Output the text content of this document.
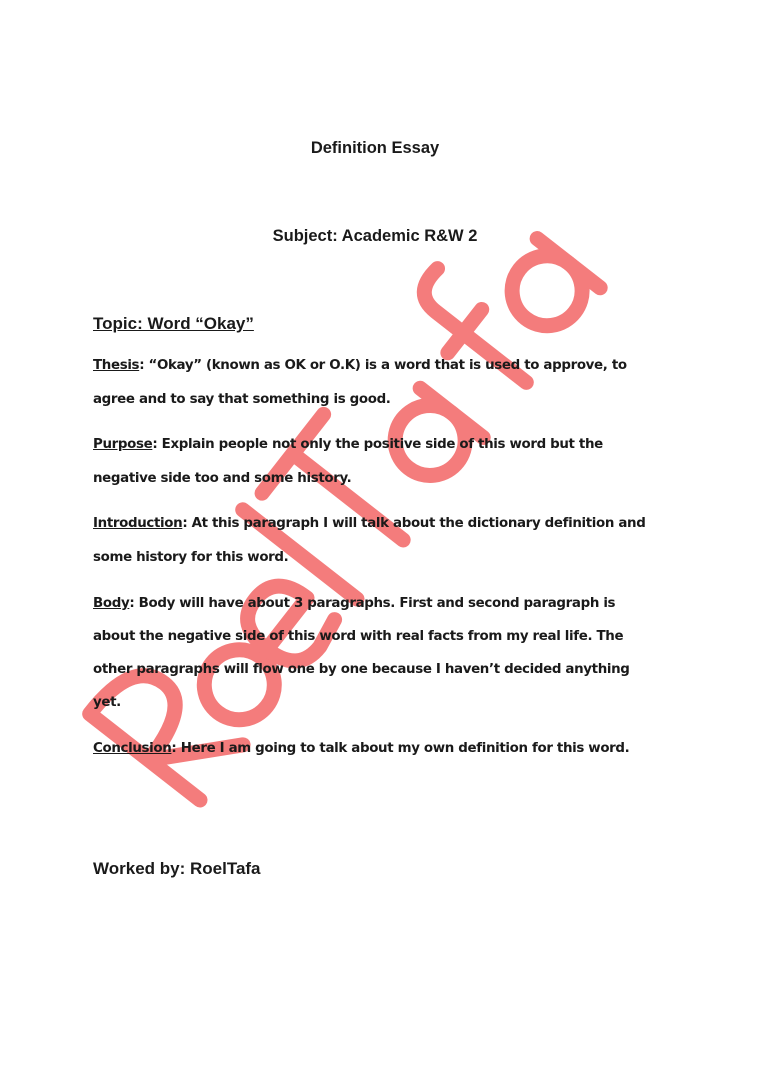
Definition Essay
Subject: Academic R&W 2
Topic: Word “Okay”
Thesis: “Okay” (known as OK or O.K) is a word that is used to approve, to
agree and to say that something is good.
Purpose: Explain people not only the positive side of this word but the
negative side too and some history.
Introduction: At this paragraph I will talk about the dictionary definition and
some history for this word.
Body: Body will have about 3 paragraphs. First and second paragraph is
about the negative side of this word with real facts from my real life. The
other paragraphs will flow one by one because I haven’t decided anything
yet.
Conclusion: Here I am going to talk about my own definition for this word.
Worked by: RoelTafa
